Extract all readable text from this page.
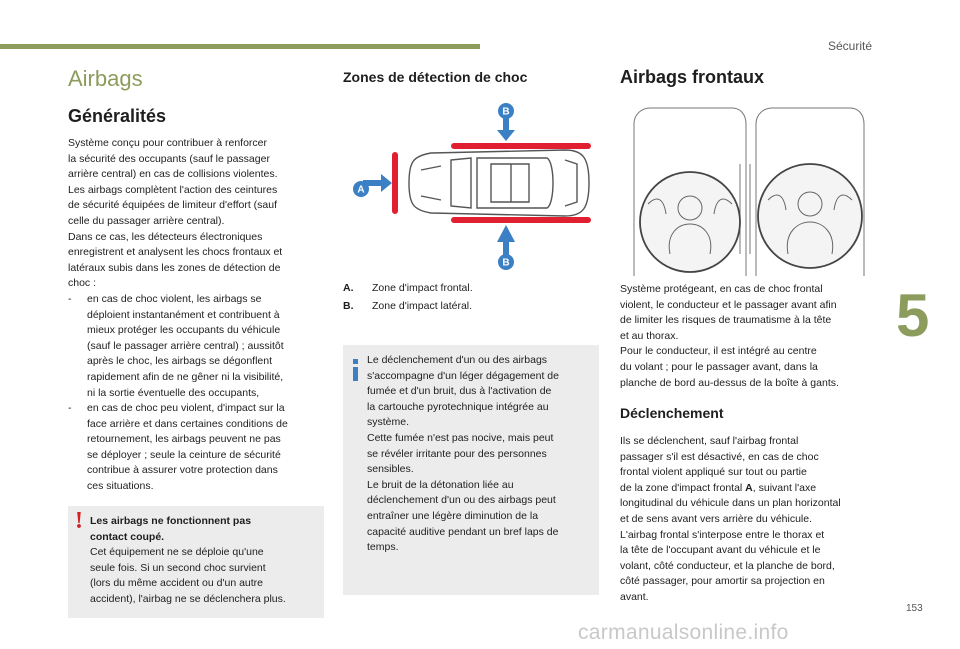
Sécurité
5
Airbags
Généralités

Système conçu pour contribuer à renforcer

la sécurité des occupants (sauf le passager

arrière central) en cas de collisions violentes.

Les airbags complètent l'action des ceintures

de sécurité équipées de limiteur d'effort (sauf

celle du passager arrière central).

Dans ce cas, les détecteurs électroniques

enregistrent et analysent les chocs frontaux et

latéraux subis dans les zones de détection de

choc :

- en cas de choc violent, les airbags se
déploient instantanément et contribuent à
mieux protéger les occupants du véhicule
(sauf le passager arrière central) ; aussitôt
après le choc, les airbags se dégonflent
rapidement afin de ne gêner ni la visibilité,
ni la sortie éventuelle des occupants,
- en cas de choc peu violent, d'impact sur la
face arrière et dans certaines conditions de
retournement, les airbags peuvent ne pas
se déployer ; seule la ceinture de sécurité
contribue à assurer votre protection dans
ces situations.
! Les airbags ne fonctionnent pas

contact coupé.

Cet équipement ne se déploie qu'une

seule fois. Si un second choc survient

(lors du même accident ou d'un autre

accident), l'airbag ne se déclenchera plus.

Zones de détection de choc
A
B
B
A. Zone d'impact frontal.
B. Zone d'impact latéral.

Le déclenchement d'un ou des airbags

s'accompagne d'un léger dégagement de

fumée et d'un bruit, dus à l'activation de

la cartouche pyrotechnique intégrée au

système.

Cette fumée n'est pas nocive, mais peut

se révéler irritante pour des personnes

sensibles.

Le bruit de la détonation liée au

déclenchement d'un ou des airbags peut

entraîner une légère diminution de la

capacité auditive pendant un bref laps de

temps.

Airbags frontaux

Système protégeant, en cas de choc frontal

violent, le conducteur et le passager avant afin

de limiter les risques de traumatisme à la tête

et au thorax.

Pour le conducteur, il est intégré au centre

du volant ; pour le passager avant, dans la

planche de bord au-dessus de la boîte à gants.

Déclenchement

Ils se déclenchent, sauf l'airbag frontal

passager s'il est désactivé, en cas de choc

frontal violent appliqué sur tout ou partie

de la zone d'impact frontal A, suivant l'axe

longitudinal du véhicule dans un plan horizontal

et de sens avant vers arrière du véhicule.

L'airbag frontal s'interpose entre le thorax et

la tête de l'occupant avant du véhicule et le

volant, côté conducteur, et la planche de bord,

côté passager, pour amortir sa projection en

avant.

153
carmanualsonline.info
